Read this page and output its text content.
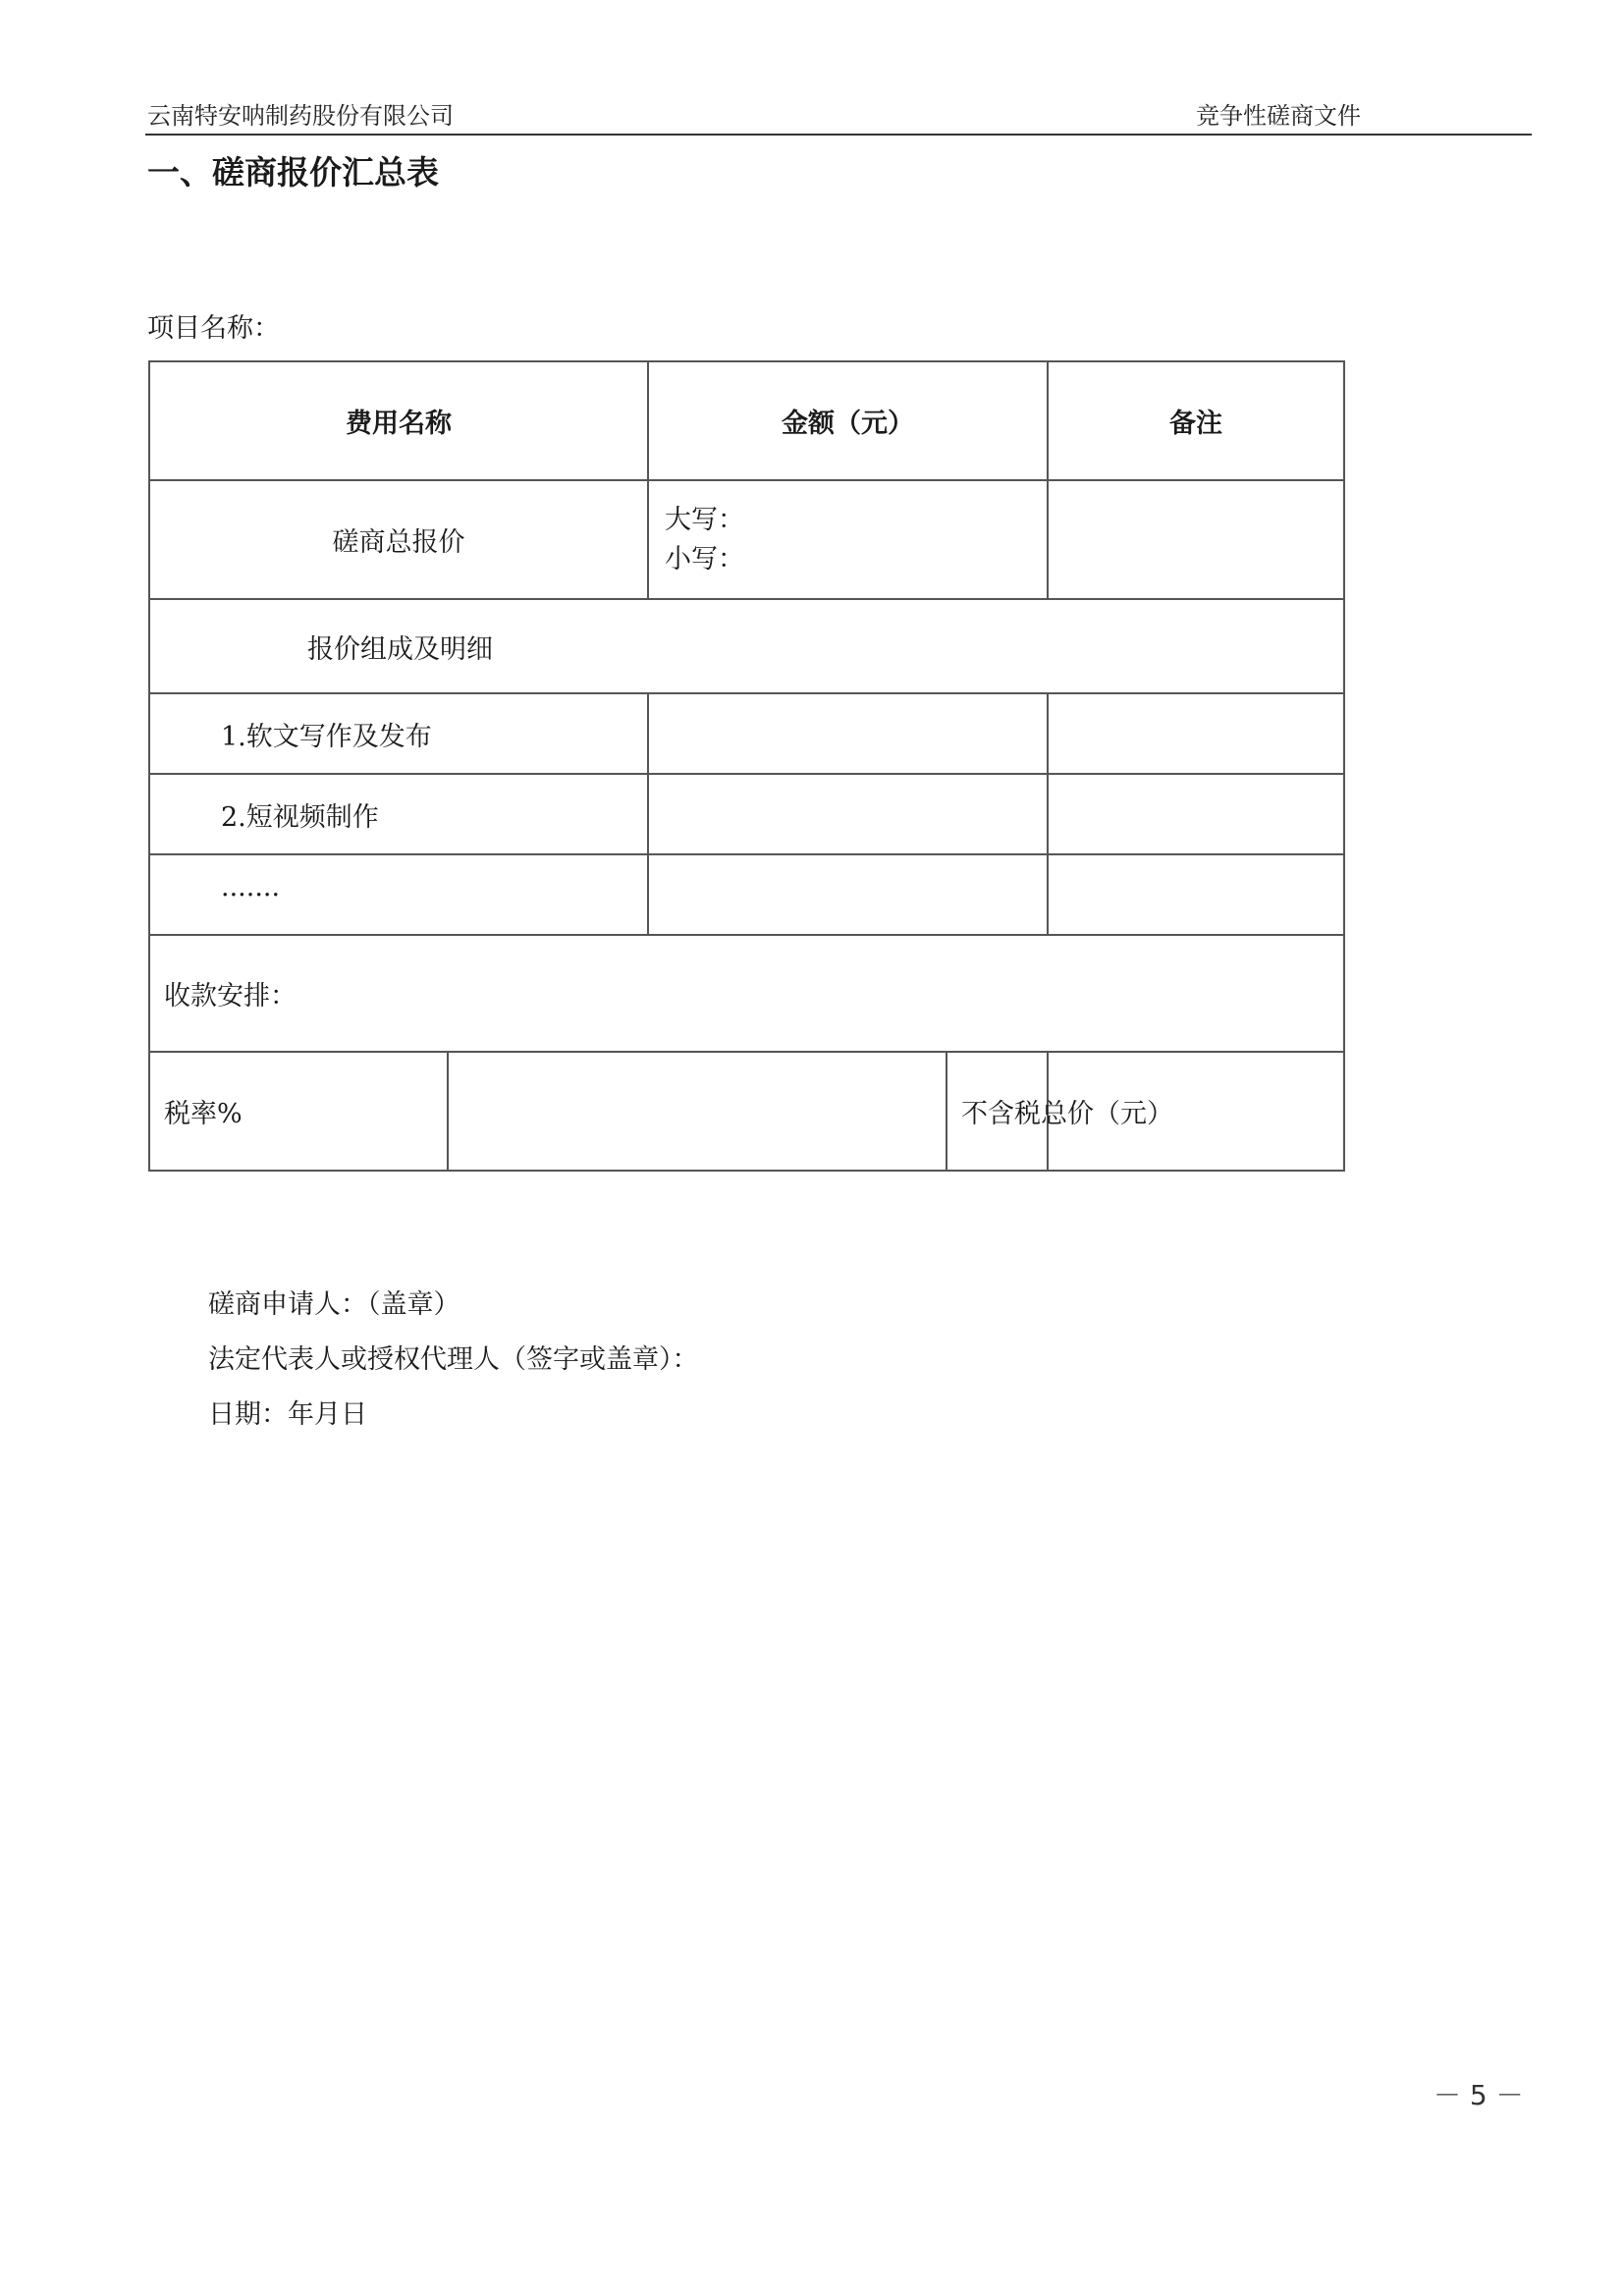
云南特安呐制药股份有限公司	竞争性磋商文件
一、磋商报价汇总表
项目名称：
费用名称		金额（元）		备注
磋商总报价		大写：
小写：		

报价组成及明细				
1.软文写作及发布				
2.短视频制作				
·······				
收款安排：				
税率%			不含税总价（元）	
磋商申请人：（盖章）
法定代表人或授权代理人（签字或盖章）：
日期：年月日
－ 5 －
